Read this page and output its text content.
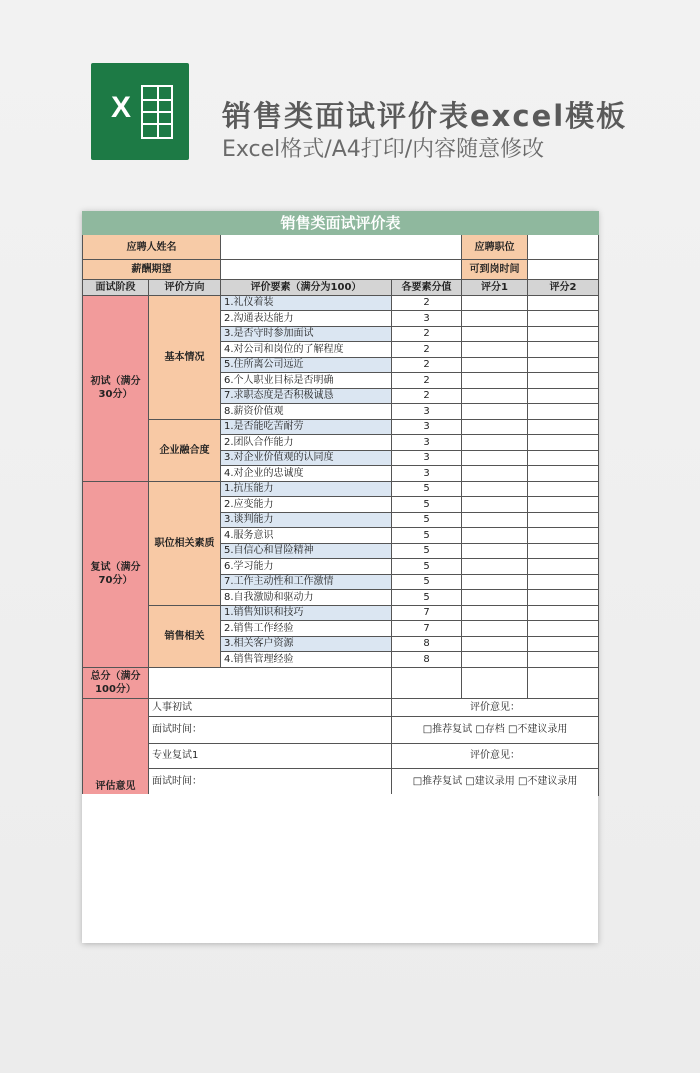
X	销售类面试评价表excel模板
Excel格式/A4打印/内容随意修改
销售类面试评价表					
应聘人姓名				应聘职位	
薪酬期望				可到岗时间	
面试阶段	评价方向	评价要素（满分为100）	各要素分值	评分1	评分2
初试（满分30分）	基本情况	1.礼仪着装	2		
		2.沟通表达能力	3		
		3.是否守时参加面试	2		
		4.对公司和岗位的了解程度	2		
		5.住所离公司远近	2		
		6.个人职业目标是否明确	2		
		7.求职态度是否积极诚恳	2		
		8.薪资价值观	3		
	企业融合度	1.是否能吃苦耐劳	3		
		2.团队合作能力	3		
		3.对企业价值观的认同度	3		
		4.对企业的忠诚度	3		
复试（满分70分）	职位相关素质	1.抗压能力	5		
		2.应变能力	5		
		3.谈判能力	5		
		4.服务意识	5		
		5.自信心和冒险精神	5		
		6.学习能力	5		
		7.工作主动性和工作激情	5		
		8.自我激励和驱动力	5		
	销售相关	1.销售知识和技巧	7		
		2.销售工作经验	7		
		3.相关客户资源	8		
		4.销售管理经验	8		
总分（满分100分）					
评估意见	人事初试		评价意见：		
	面试时间：		□推荐复试 □存档 □不建议录用		
	专业复试1		评价意见：		
	面试时间：		□推荐复试 □建议录用 □不建议录用		
